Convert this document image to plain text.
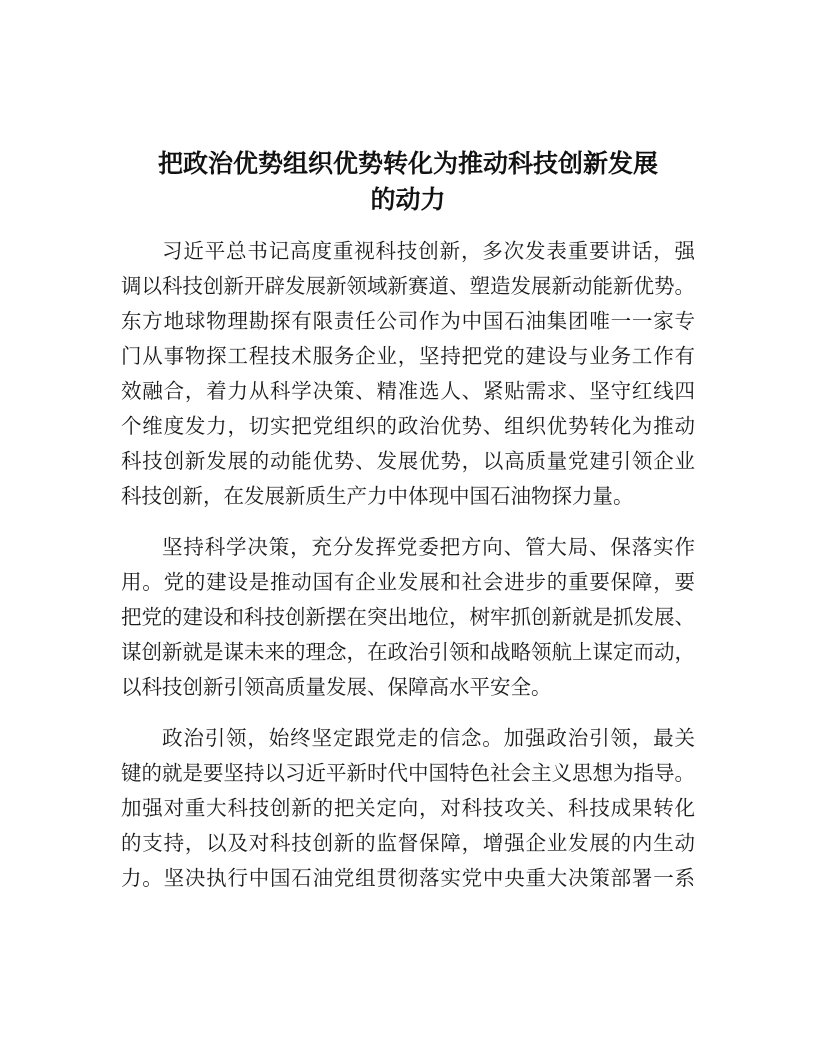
把政治优势组织优势转化为推动科技创新发展
的动力
习近平总书记高度重视科技创新，多次发表重要讲话，强
调以科技创新开辟发展新领域新赛道、塑造发展新动能新优势。
东方地球物理勘探有限责任公司作为中国石油集团唯一一家专
门从事物探工程技术服务企业，坚持把党的建设与业务工作有
效融合，着力从科学决策、精准选人、紧贴需求、坚守红线四
个维度发力，切实把党组织的政治优势、组织优势转化为推动
科技创新发展的动能优势、发展优势，以高质量党建引领企业
科技创新，在发展新质生产力中体现中国石油物探力量。
坚持科学决策，充分发挥党委把方向、管大局、保落实作
用。党的建设是推动国有企业发展和社会进步的重要保障，要
把党的建设和科技创新摆在突出地位，树牢抓创新就是抓发展、
谋创新就是谋未来的理念，在政治引领和战略领航上谋定而动，
以科技创新引领高质量发展、保障高水平安全。
政治引领，始终坚定跟党走的信念。加强政治引领，最关
键的就是要坚持以习近平新时代中国特色社会主义思想为指导。
加强对重大科技创新的把关定向，对科技攻关、科技成果转化
的支持，以及对科技创新的监督保障，增强企业发展的内生动
力。坚决执行中国石油党组贯彻落实党中央重大决策部署一系
